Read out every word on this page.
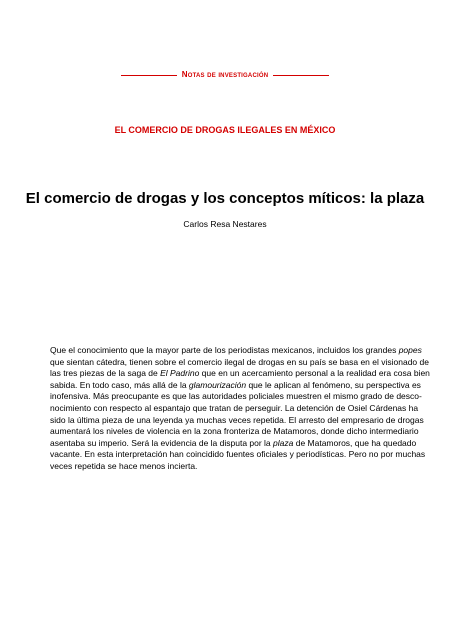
Notas de investigación
EL COMERCIO DE DROGAS ILEGALES EN MÉXICO
El comercio de drogas y los conceptos míticos: la plaza
Carlos Resa Nestares
Que el conocimiento que la mayor parte de los periodistas mexicanos, incluidos los grandes popes
que sientan cátedra, tienen sobre el comercio ilegal de drogas en su país se basa en el visionado de
las tres piezas de la saga de El Padrino que en un acercamiento personal a la realidad era cosa bien
sabida. En todo caso, más allá de la glamourización que le aplican al fenómeno, su perspectiva es
inofensiva. Más preocupante es que las autoridades policiales muestren el mismo grado de desco-
nocimiento con respecto al espantajo que tratan de perseguir. La detención de Osiel Cárdenas ha
sido la última pieza de una leyenda ya muchas veces repetida. El arresto del empresario de drogas
aumentará los niveles de violencia en la zona fronteriza de Matamoros, donde dicho intermediario
asentaba su imperio. Será la evidencia de la disputa por la plaza de Matamoros, que ha quedado
vacante. En esta interpretación han coincidido fuentes oficiales y periodísticas. Pero no por muchas
veces repetida se hace menos incierta.
